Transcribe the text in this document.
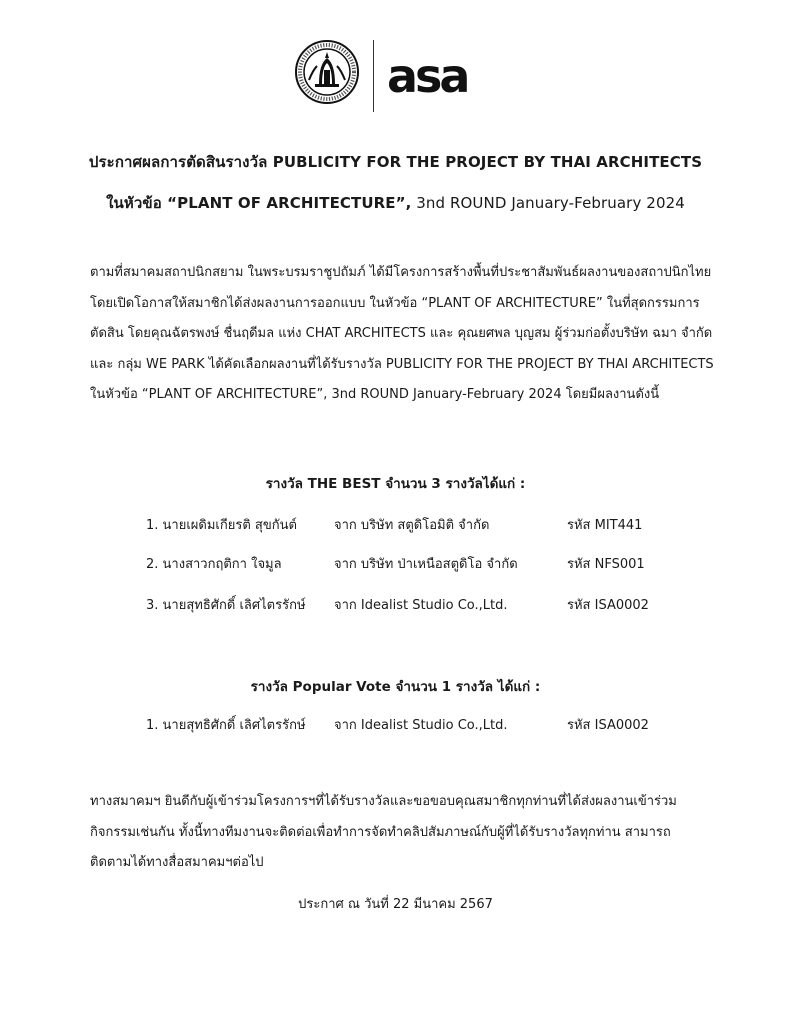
asa
ประกาศผลการตัดสินรางวัล PUBLICITY FOR THE PROJECT BY THAI ARCHITECTS
ในหัวข้อ “PLANT OF ARCHITECTURE”, 3nd ROUND January-February 2024
ตามที่สมาคมสถาปนิกสยาม ในพระบรมราชูปถัมภ์ ได้มีโครงการสร้างพื้นที่ประชาสัมพันธ์ผลงานของสถาปนิกไทย
โดยเปิดโอกาสให้สมาชิกได้ส่งผลงานการออกแบบ ในหัวข้อ “PLANT OF ARCHITECTURE” ในที่สุดกรรมการ
ตัดสิน โดยคุณฉัตรพงษ์ ชื่นฤดีมล แห่ง CHAT ARCHITECTS และ คุณยศพล บุญสม ผู้ร่วมก่อตั้งบริษัท ฉมา จำกัด
และ กลุ่ม WE PARK ได้คัดเลือกผลงานที่ได้รับรางวัล PUBLICITY FOR THE PROJECT BY THAI ARCHITECTS
ในหัวข้อ “PLANT OF ARCHITECTURE”, 3nd ROUND January-February 2024 โดยมีผลงานดังนี้
รางวัล THE BEST จำนวน 3 รางวัลได้แก่ :
1. นายเผดิมเกียรติ สุขกันต์	จาก บริษัท สตูดิโอมิติ จำกัด	รหัส MIT441
2. นางสาวกฤติกา ใจมูล	จาก บริษัท ป่าเหนือสตูดิโอ จำกัด	รหัส NFS001
3. นายสุทธิศักดิ์ เลิศไตรรักษ์ จาก Idealist Studio Co.,Ltd.	รหัส ISA0002
รางวัล Popular Vote จำนวน 1 รางวัล ได้แก่ :
1. นายสุทธิศักดิ์ เลิศไตรรักษ์ จาก Idealist Studio Co.,Ltd.	รหัส ISA0002
ทางสมาคมฯ ยินดีกับผู้เข้าร่วมโครงการฯที่ได้รับรางวัลและขอขอบคุณสมาชิกทุกท่านที่ได้ส่งผลงานเข้าร่วม
กิจกรรมเช่นกัน ทั้งนี้ทางทีมงานจะติดต่อเพื่อทำการจัดทำคลิปสัมภาษณ์กับผู้ที่ได้รับรางวัลทุกท่าน สามารถ
ติดตามได้ทางสื่อสมาคมฯต่อไป
ประกาศ ณ วันที่ 22 มีนาคม 2567
